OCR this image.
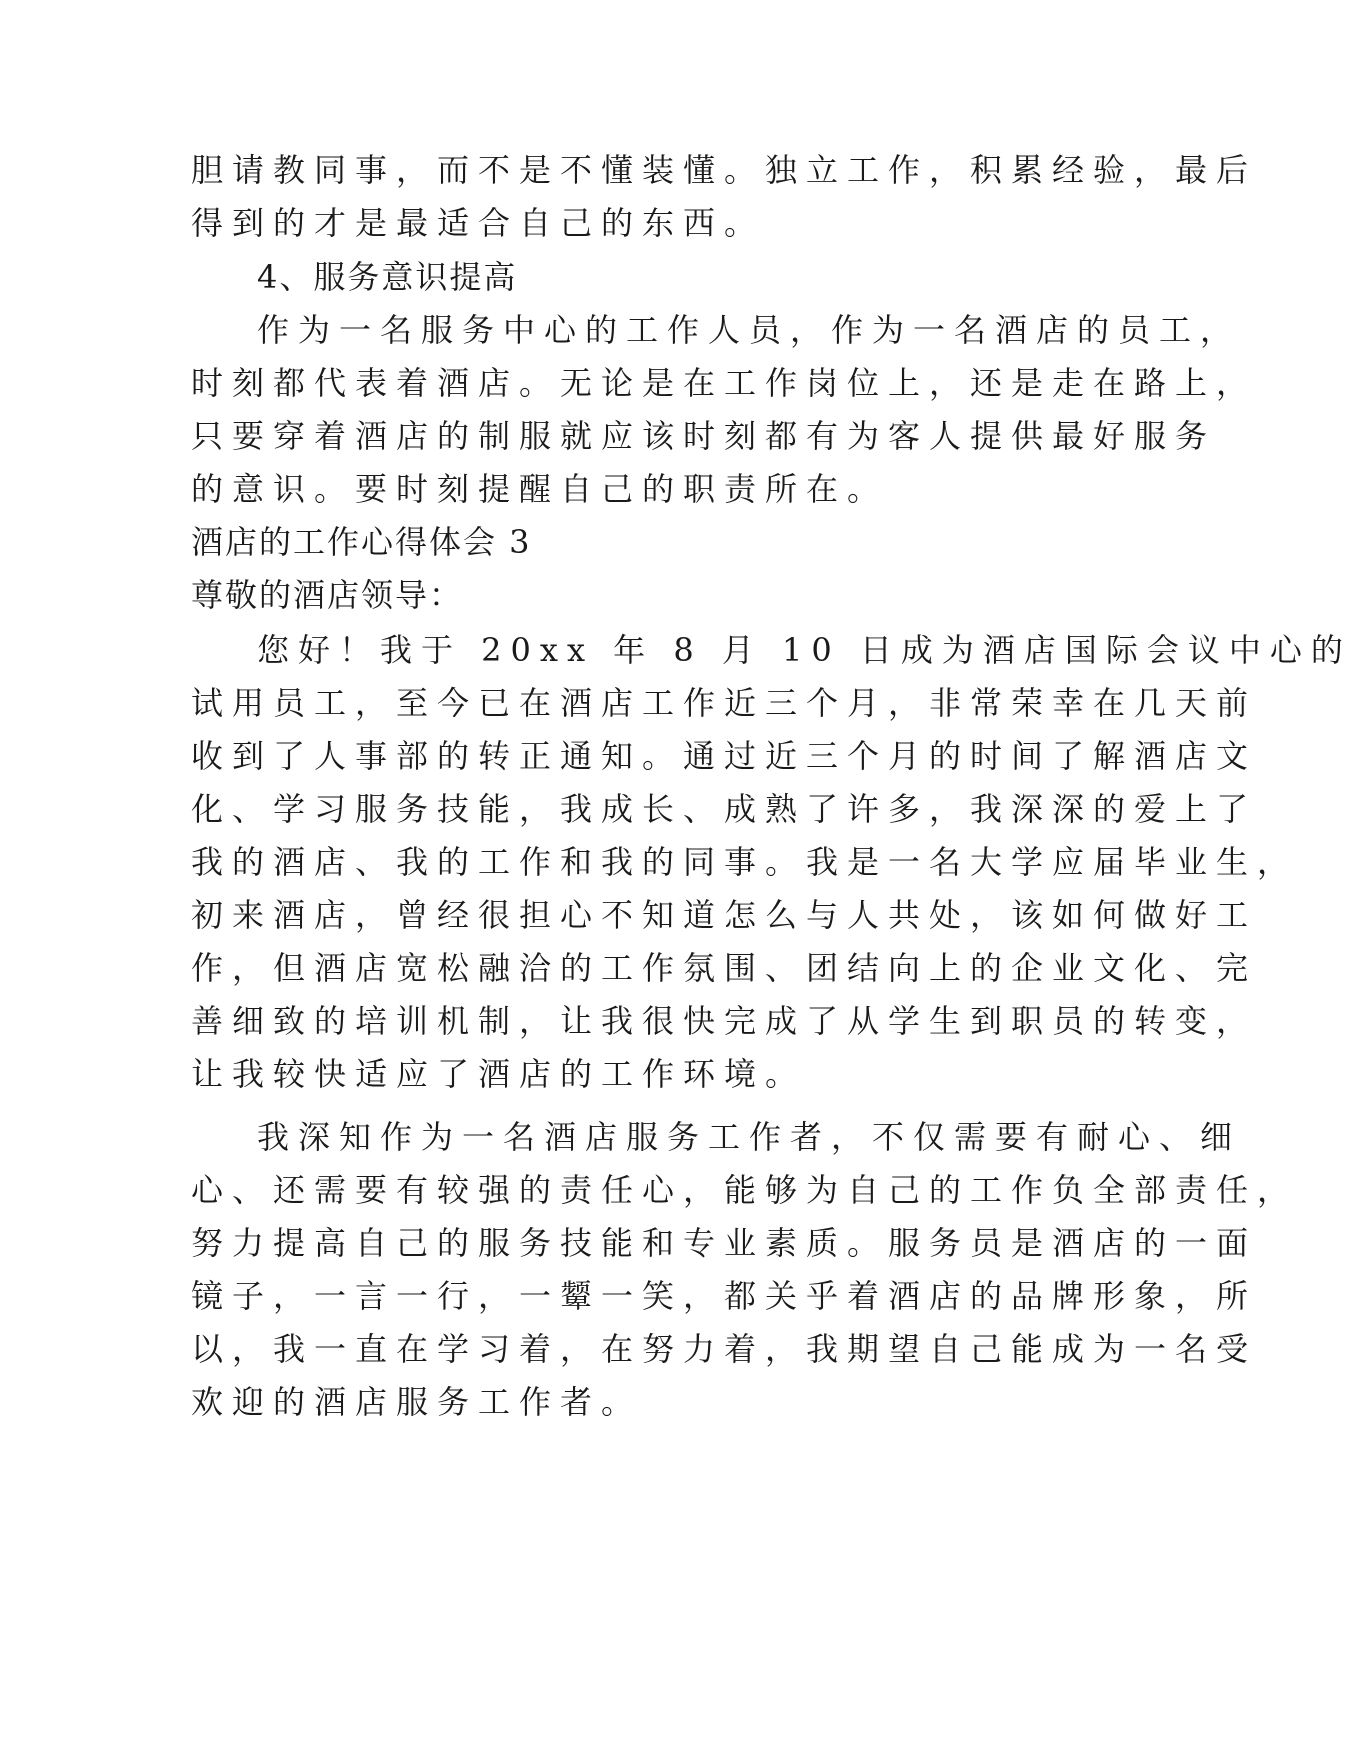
胆请教同事，而不是不懂装懂。独立工作，积累经验，最后
得到的才是最适合自己的东西。
4、服务意识提高
作为一名服务中心的工作人员，作为一名酒店的员工，
时刻都代表着酒店。无论是在工作岗位上，还是走在路上，
只要穿着酒店的制服就应该时刻都有为客人提供最好服务
的意识。要时刻提醒自己的职责所在。
酒店的工作心得体会 3
尊敬的酒店领导：
您好！我于 20xx 年 8 月 10 日成为酒店国际会议中心的
试用员工，至今已在酒店工作近三个月，非常荣幸在几天前
收到了人事部的转正通知。通过近三个月的时间了解酒店文
化、学习服务技能，我成长、成熟了许多，我深深的爱上了
我的酒店、我的工作和我的同事。我是一名大学应届毕业生，
初来酒店，曾经很担心不知道怎么与人共处，该如何做好工
作，但酒店宽松融洽的工作氛围、团结向上的企业文化、完
善细致的培训机制，让我很快完成了从学生到职员的转变，
让我较快适应了酒店的工作环境。
我深知作为一名酒店服务工作者，不仅需要有耐心、细
心、还需要有较强的责任心，能够为自己的工作负全部责任，
努力提高自己的服务技能和专业素质。服务员是酒店的一面
镜子，一言一行，一颦一笑，都关乎着酒店的品牌形象，所
以，我一直在学习着，在努力着，我期望自己能成为一名受
欢迎的酒店服务工作者。
